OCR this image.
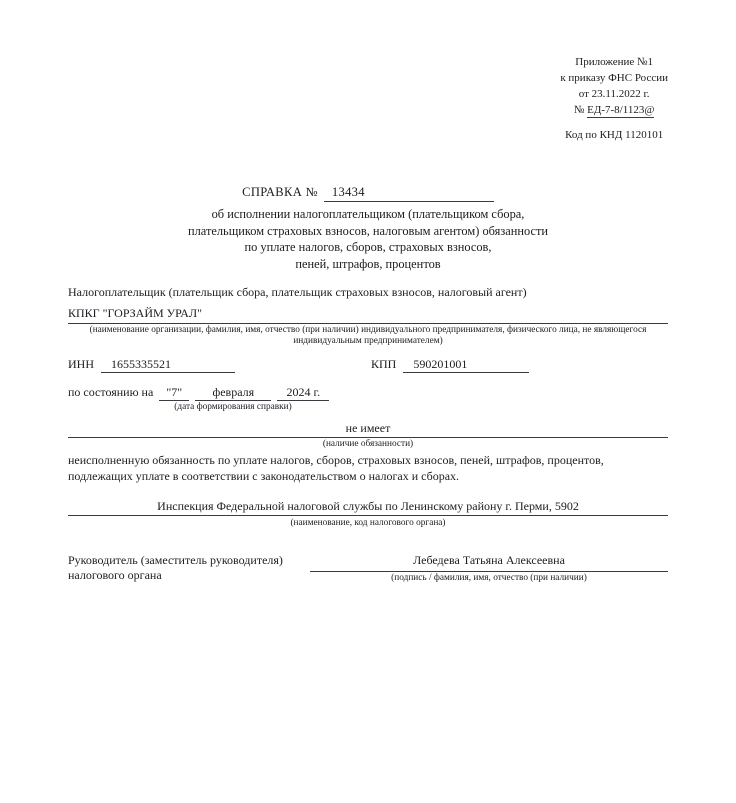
Приложение №1
к приказу ФНС России
от 23.11.2022 г.
№ ЕД-7-8/1123@
Код по КНД 1120101
СПРАВКА № 13434
об исполнении налогоплательщиком (плательщиком сбора,
плательщиком страховых взносов, налоговым агентом) обязанности
по уплате налогов, сборов, страховых взносов,
пеней, штрафов, процентов
Налогоплательщик (плательщик сбора, плательщик страховых взносов, налоговый агент)
КПКГ "ГОРЗАЙМ УРАЛ"
(наименование организации, фамилия, имя, отчество (при наличии) индивидуального предпринимателя, физического лица, не являющегося индивидуальным предпринимателем)
ИНН	1655335521	КПП	590201001
по состоянию на	"7"	февраля	2024 г.
(дата формирования справки)
не имеет
(наличие обязанности)

неисполненную обязанность по уплате налогов, сборов, страховых взносов, пеней, штрафов, процентов, подлежащих уплате в соответствии с законодательством о налогах и сборах.

Инспекция Федеральной налоговой службы по Ленинскому району г. Перми, 5902
(наименование, код налогового органа)
Руководитель (заместитель руководителя)
налогового органа
Лебедева Татьяна Алексеевна
(подпись / фамилия, имя, отчество (при наличии)
